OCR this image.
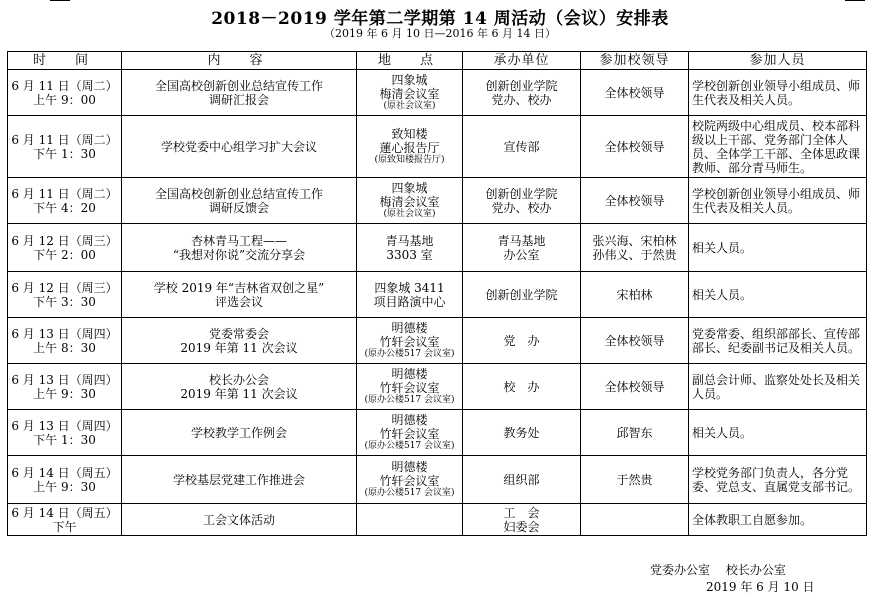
2018－2019 学年第二学期第 14 周活动（会议）安排表
（2019 年 6 月 10 日—2016 年 6 月 14 日）
时　间	内　容	地　点	承办单位	参加校领导	参加人员

6 月 11 日（周二）
上午 9：00	全国高校创新创业总结宣传工作
调研汇报会	四象城
梅清会议室
(原社会议室)	创新创业学院
党办、校办	全体校领导	学校创新创业领导小组成员、师生代表及相关人员。

6 月 11 日（周二）
下午 1：30	学校党委中心组学习扩大会议	致知楼
蓮心报告厅
(原致知楼报告厅)	宣传部	全体校领导	校院两级中心组成员、校本部科级以上干部、党务部门全体人员、全体学工干部、全体思政课教师、部分青马师生。

6 月 11 日（周二）
下午 4：20	全国高校创新创业总结宣传工作
调研反馈会	四象城
梅清会议室
(原社会议室)	创新创业学院
党办、校办	全体校领导	学校创新创业领导小组成员、师生代表及相关人员。

6 月 12 日（周三）
下午 2：00	杏林青马工程——
“我想对你说”交流分享会	青马基地
3303 室	青马基地
办公室	张兴海、宋柏林
孙伟义、于然贵	相关人员。

6 月 12 日（周三）
下午 3：30	学校 2019 年“吉林省双创之星”
评选会议	四象城 3411
项目路演中心	创新创业学院	宋柏林	相关人员。

6 月 13 日（周四）
上午 8：30	党委常委会
2019 年第 11 次会议	明德楼
竹轩会议室
(原办公楼517 会议室)	党　办	全体校领导	党委常委、组织部部长、宣传部部长、纪委副书记及相关人员。

6 月 13 日（周四）
上午 9：30	校长办公会
2019 年第 11 次会议	明德楼
竹轩会议室
(原办公楼517 会议室)	校　办	全体校领导	副总会计师、监察处处长及相关人员。

6 月 13 日（周四）
下午 1：30	学校教学工作例会	明德楼
竹轩会议室
(原办公楼517 会议室)	教务处	邱智东	相关人员。

6 月 14 日（周五）
上午 9：30	学校基层党建工作推进会	明德楼
竹轩会议室
(原办公楼517 会议室)	组织部	于然贵	学校党务部门负责人，各分党委、党总支、直属党支部书记。

6 月 14 日（周五）
下午	工会文体活动		工　会
妇委会		全体教职工自愿参加。
党委办公室　 校长办公室
2019 年 6 月 10 日
